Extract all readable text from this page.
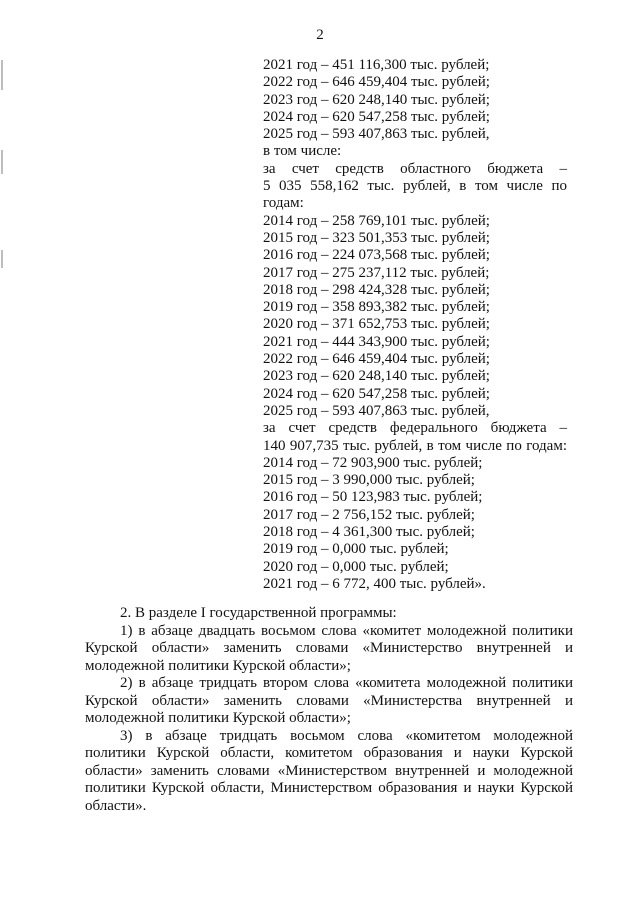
2
2021 год – 451 116,300 тыс. рублей;
2022 год – 646 459,404 тыс. рублей;
2023 год – 620 248,140 тыс. рублей;
2024 год – 620 547,258 тыс. рублей;
2025 год – 593 407,863 тыс. рублей,
в том числе:
за счет средств областного бюджета –
5 035 558,162 тыс. рублей, в том числе по
годам:
2014 год – 258 769,101 тыс. рублей;
2015 год – 323 501,353 тыс. рублей;
2016 год – 224 073,568 тыс. рублей;
2017 год – 275 237,112 тыс. рублей;
2018 год – 298 424,328 тыс. рублей;
2019 год – 358 893,382 тыс. рублей;
2020 год – 371 652,753 тыс. рублей;
2021 год – 444 343,900 тыс. рублей;
2022 год – 646 459,404 тыс. рублей;
2023 год – 620 248,140 тыс. рублей;
2024 год – 620 547,258 тыс. рублей;
2025 год – 593 407,863 тыс. рублей,
за счет средств федерального бюджета –
140 907,735 тыс. рублей, в том числе по годам:
2014 год – 72 903,900 тыс. рублей;
2015 год – 3 990,000 тыс. рублей;
2016 год – 50 123,983 тыс. рублей;
2017 год – 2 756,152 тыс. рублей;
2018 год – 4 361,300 тыс. рублей;
2019 год – 0,000 тыс. рублей;
2020 год – 0,000 тыс. рублей;
2021 год – 6 772, 400 тыс. рублей».

2. В разделе I государственной программы:

1) в абзаце двадцать восьмом слова «комитет молодежной политики Курской области» заменить словами «Министерство внутренней и молодежной политики Курской области»;

2) в абзаце тридцать втором слова «комитета молодежной политики Курской области» заменить словами «Министерства внутренней и молодежной политики Курской области»;

3) в абзаце тридцать восьмом слова «комитетом молодежной политики Курской области, комитетом образования и науки Курской области» заменить словами «Министерством внутренней и молодежной политики Курской области, Министерством образования и науки Курской области».
